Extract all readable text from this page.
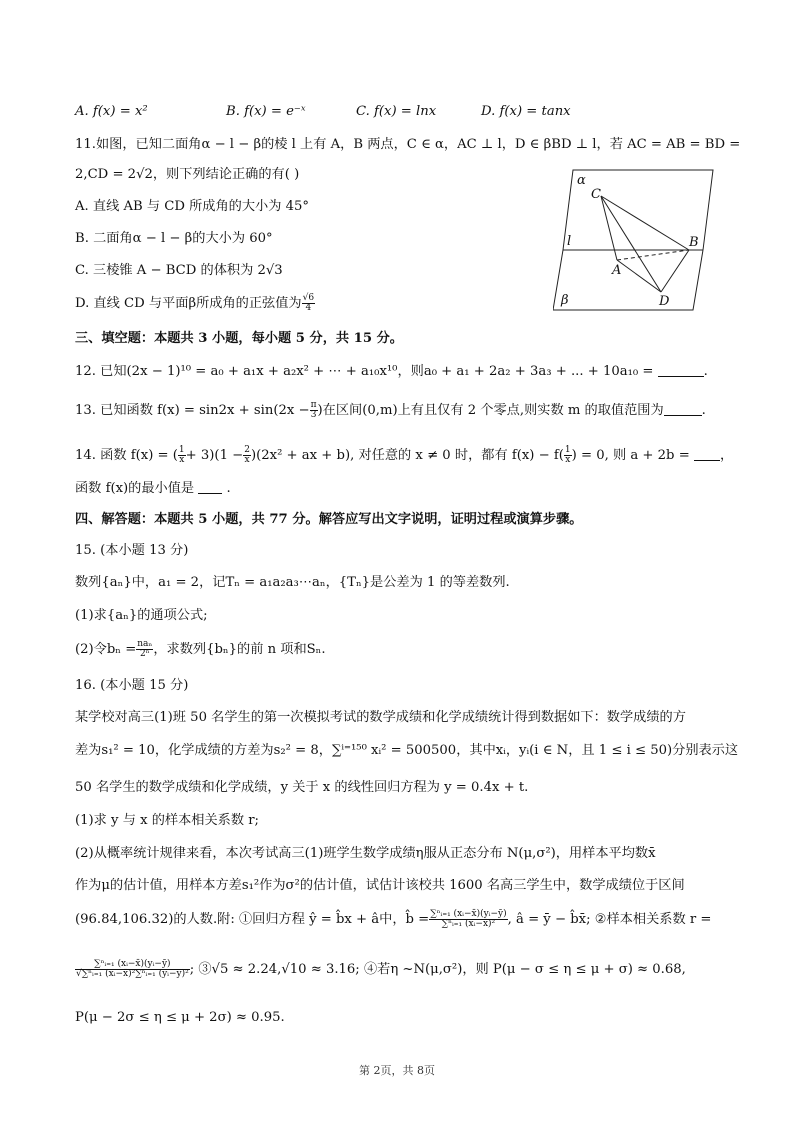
A. f(x) = x²	B. f(x) = e⁻ˣ	C. f(x) = lnx	D. f(x) = tanx
11.如图，已知二面角α − l − β的棱 l 上有 A，B 两点，C ∈ α，AC ⊥ l，D ∈ βBD ⊥ l，若 AC = AB = BD =
2,CD = 2√2，则下列结论正确的有( )
A. 直线 AB 与 CD 所成角的大小为 45°
B. 二面角α − l − β的大小为 60°
C. 三棱锥 A − BCD 的体积为 2√3
D. 直线 CD 与平面β所成角的正弦值为 $\frac{√6}{4}$
α
β
l
C
A
B
D
三、填空题：本题共 3 小题，每小题 5 分，共 15 分。
12. 已知(2x − 1)¹⁰ = a₀ + a₁x + a₂x² + ⋯ + a₁₀x¹⁰，则a₀ + a₁ + 2a₂ + 3a₃ + ... + 10a₁₀ =	.
13. 已知函数 $f(x) = \sin 2x + \sin(2x - \frac{\pi}{3}$ )在区间(0,m)上有且仅有 2 个零点,则实数 m 的取值范围为	.
14. 函数 f(x) = ( $\frac{1}{x} + 3)(1 - \frac{2}{x} )(2x^2$ + ax + b), 对任意的 x ≠ 0 时，都有 $f(x) - f( \frac{1}{x}$ ) = 0, 则 a + 2b = ，
函数 f(x)的最小值是 .
四、解答题：本题共 5 小题，共 77 分。解答应写出文字说明，证明过程或演算步骤。
15. (本小题 13 分)
数列{aₙ}中，a₁ = 2，记Tₙ = a₁a₂a₃⋯aₙ，{Tₙ}是公差为 1 的等差数列.
(1)求{aₙ}的通项公式;
(2)令$b_n = \frac{\text{naₙ}}{\text{2ⁿ}}$ ，求数列{bₙ}的前 n 项和Sₙ.
16. (本小题 15 分)
某学校对高三(1)班 50 名学生的第一次模拟考试的数学成绩和化学成绩统计得到数据如下：数学成绩的方
差为s₁² = 10，化学成绩的方差为s₂² = 8，∑ⁱ⁼¹⁵⁰ xᵢ² = 500500，其中xᵢ，yᵢ(i ∈ N，且 1 ≤ i ≤ 50)分别表示这
50 名学生的数学成绩和化学成绩，y 关于 x 的线性回归方程为 y = 0.4x + t.
(1)求 y 与 x 的样本相关系数 r;
(2)从概率统计规律来看，本次考试高三(1)班学生数学成绩η服从正态分布 N(μ,σ²)，用样本平均数x̄
作为μ的估计值，用样本方差s₁²作为σ²的估计值，试估计该校共 1600 名高三学生中，数学成绩位于区间
(96.84,106.32)的人数.附: ①回归方程 ŷ = b̂x + â中，b̂ = $\frac{\text{∑ⁿᵢ₌₁ (xᵢ−x̄)(yᵢ−ȳ)}}{\text{∑ⁿᵢ₌₁ (xᵢ−x̄)²}}$ , â = ȳ − b̂x̄; ②样本相关系数 r =
$\frac{\text{∑ⁿᵢ₌₁ (xᵢ−x̄)(yᵢ−ȳ)}}{\text{√∑ⁿᵢ₌₁ (xᵢ−x̄)²∑ⁿᵢ₌₁ (yᵢ−ȳ)²}}$ ; ③√5 ≈ 2.24,√10 ≈ 3.16; ④若η ~N(μ,σ²)，则 P(μ − σ ≤ η ≤ μ + σ) ≈ 0.68,
P(μ − 2σ ≤ η ≤ μ + 2σ) ≈ 0.95.
第 2页，共 8页
